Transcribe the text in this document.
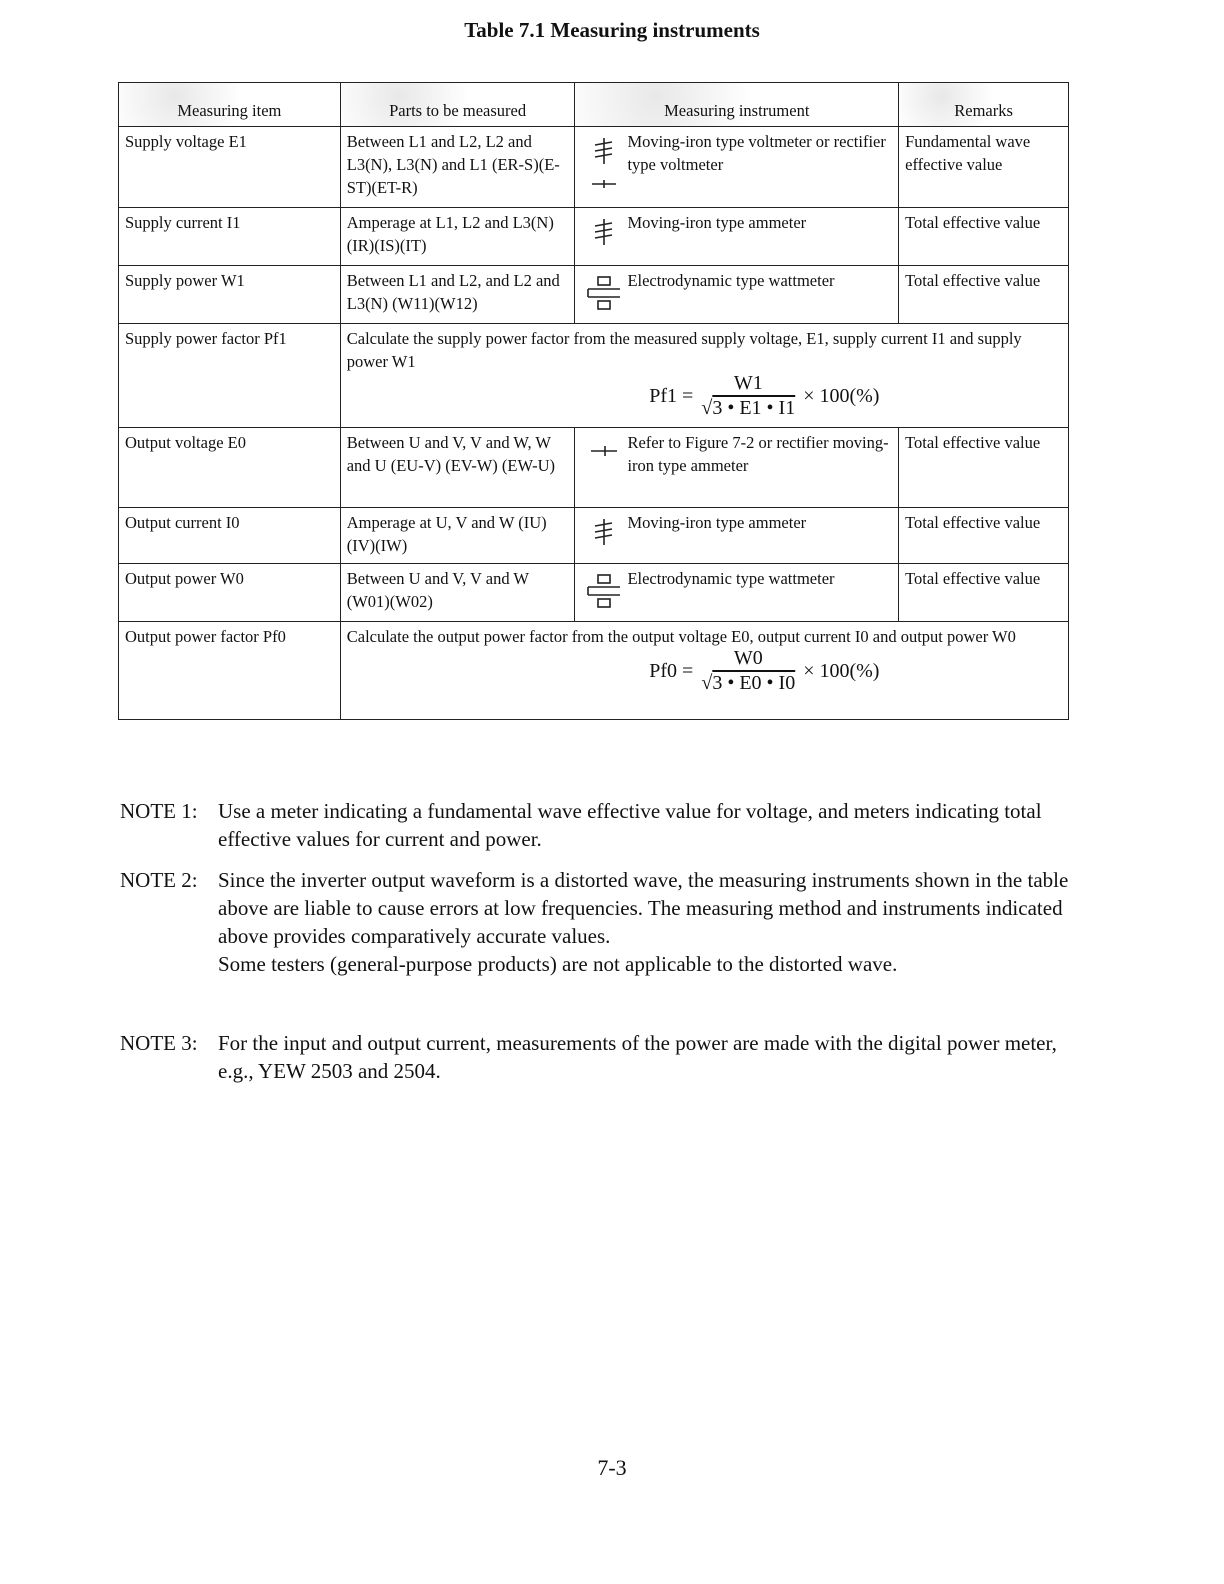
Table 7.1 Measuring instruments
Measuring item	Parts to be measured	Measuring instrument	Remarks
Supply voltage E1	Between L1 and L2, L2 and L3(N), L3(N) and L1 (ER-S)(E-ST)(ET-R)	Moving-iron type voltmeter or rectifier type voltmeter	Fundamental wave effective value
Supply current I1	Amperage at L1, L2 and L3(N) (IR)(IS)(IT)	Moving-iron type ammeter	Total effective value
Supply power W1	Between L1 and L2, and L2 and L3(N) (W11)(W12)	Electrodynamic type wattmeter	Total effective value
Supply power factor Pf1	Calculate the supply power factor from the measured supply voltage, E1, supply current I1 and supply power W1
$Pf1 = \frac{W1}{√3 • E1 • I1} \times 100(\%)$		

Output voltage E0	Between U and V, V and W, W and U (EU-V) (EV-W) (EW-U)	Refer to Figure 7-2 or rectifier moving-iron type ammeter	Total effective value
Output current I0	Amperage at U, V and W (IU)(IV)(IW)	Moving-iron type ammeter	Total effective value
Output power W0	Between U and V, V and W (W01)(W02)	Electrodynamic type wattmeter	Total effective value
Output power factor Pf0	Calculate the output power factor from the output voltage E0, output current I0 and output power W0
$Pf0 = \frac{W0}{√3 • E0 • I0} \times 100(\%)$		
NOTE 1: Use a meter indicating a fundamental wave effective value for voltage, and meters indicating total effective values for current and power.

NOTE 2: Since the inverter output waveform is a distorted wave, the measuring instruments shown in the table above are liable to cause errors at low frequencies. The measuring method and instruments indicated above provides comparatively accurate values.

Some testers (general-purpose products) are not applicable to the distorted wave.

NOTE 3: For the input and output current, measurements of the power are made with the digital power meter, e.g., YEW 2503 and 2504.

7-3
